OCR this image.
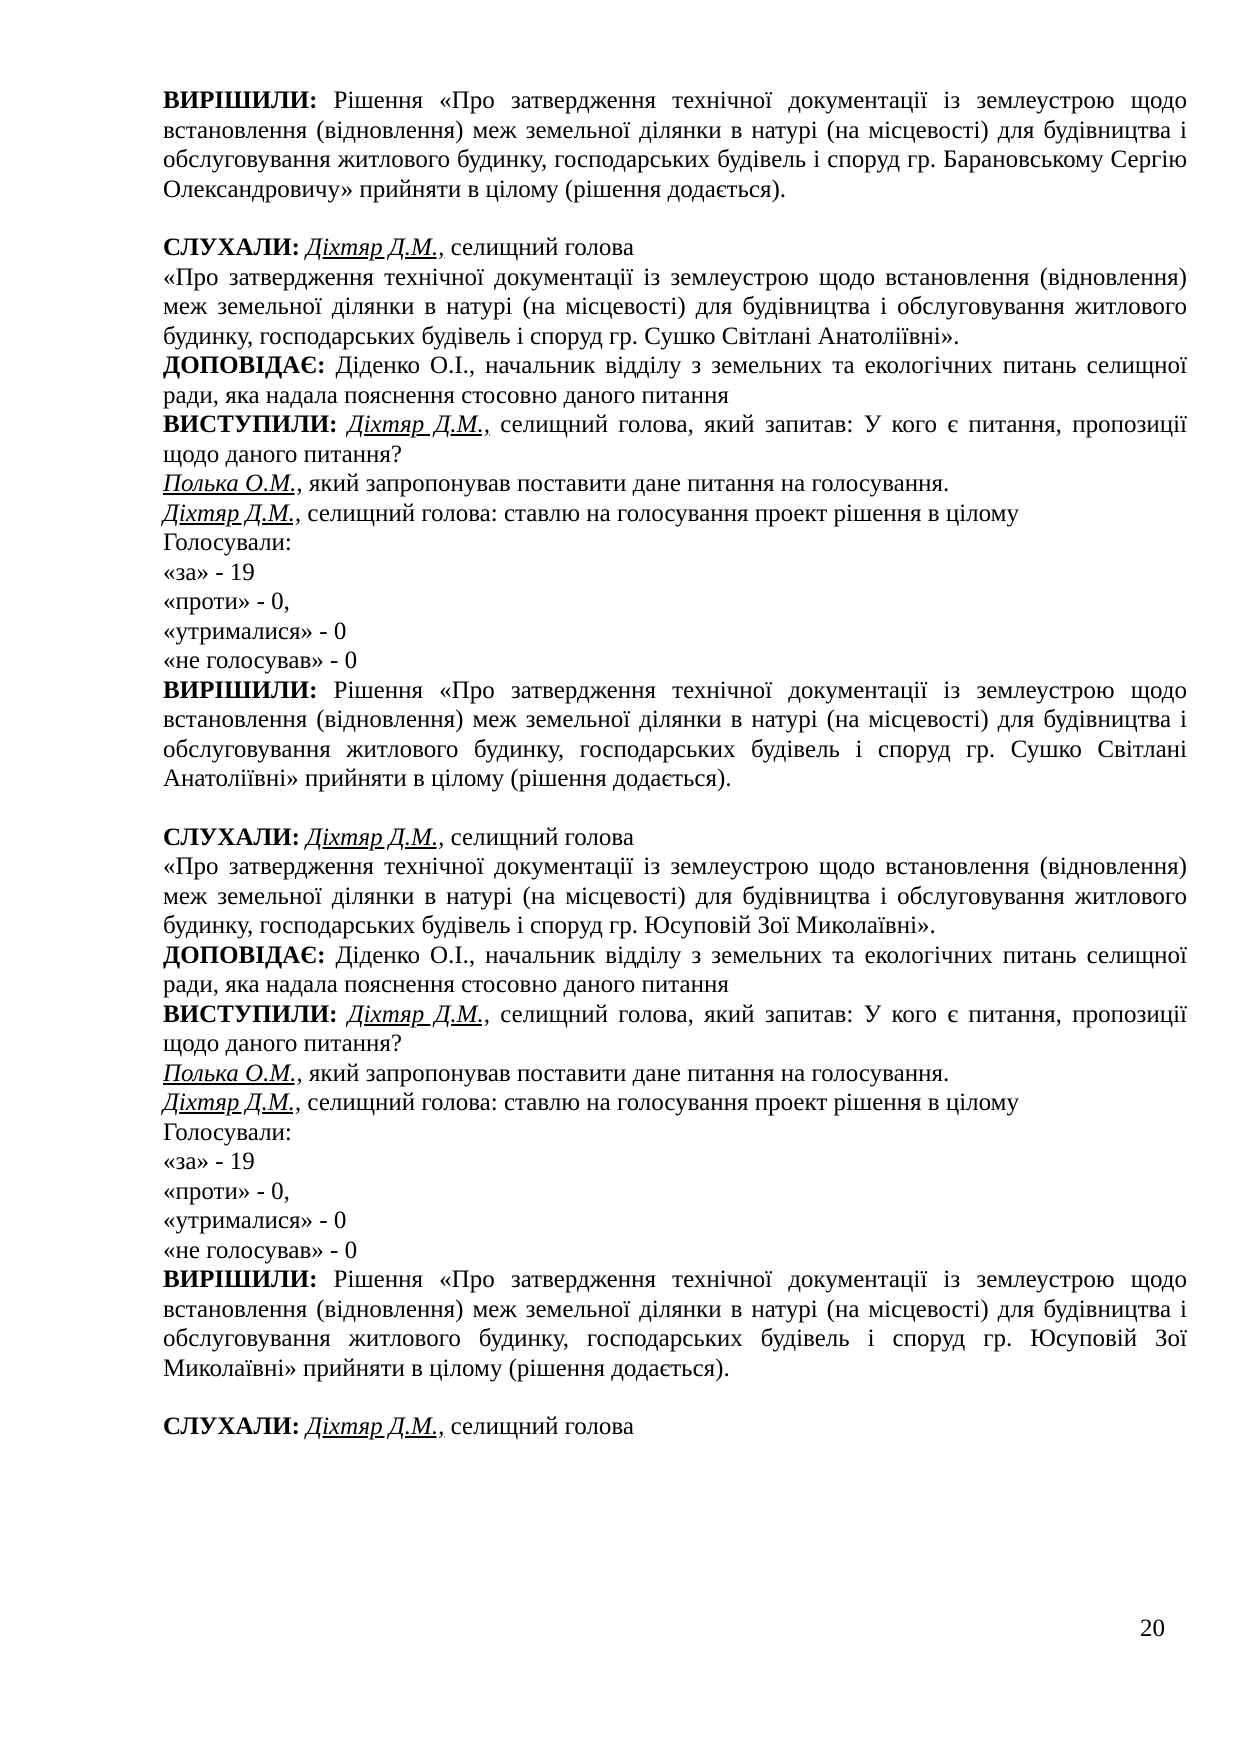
ВИРІШИЛИ: Рішення «Про затвердження технічної документації із землеустрою щодо встановлення (відновлення) меж земельної ділянки в натурі (на місцевості) для будівництва і обслуговування житлового будинку, господарських будівель і споруд гр. Барановському Сергію Олександровичу» прийняти в цілому (рішення додається).

СЛУХАЛИ: Діхтяр Д.М., селищний голова

«Про затвердження технічної документації із землеустрою щодо встановлення (відновлення) меж земельної ділянки в натурі (на місцевості) для будівництва і обслуговування житлового будинку, господарських будівель і споруд гр. Сушко Світлані Анатоліївні».

ДОПОВІДАЄ: Діденко О.І., начальник відділу з земельних та екологічних питань селищної ради, яка надала пояснення стосовно даного питання

ВИСТУПИЛИ: Діхтяр Д.М., селищний голова, який запитав: У кого є питання, пропозиції щодо даного питання?

Полька О.М., який запропонував поставити дане питання на голосування.

Діхтяр Д.М., селищний голова: ставлю на голосування проект рішення в цілому

Голосували:

«за» - 19

«проти» - 0,

«утрималися» - 0

«не голосував» - 0

ВИРІШИЛИ: Рішення «Про затвердження технічної документації із землеустрою щодо встановлення (відновлення) меж земельної ділянки в натурі (на місцевості) для будівництва і обслуговування житлового будинку, господарських будівель і споруд гр. Сушко Світлані Анатоліївні» прийняти в цілому (рішення додається).

СЛУХАЛИ: Діхтяр Д.М., селищний голова

«Про затвердження технічної документації із землеустрою щодо встановлення (відновлення) меж земельної ділянки в натурі (на місцевості) для будівництва і обслуговування житлового будинку, господарських будівель і споруд гр. Юсуповій Зої Миколаївні».

ДОПОВІДАЄ: Діденко О.І., начальник відділу з земельних та екологічних питань селищної ради, яка надала пояснення стосовно даного питання

ВИСТУПИЛИ: Діхтяр Д.М., селищний голова, який запитав: У кого є питання, пропозиції щодо даного питання?

Полька О.М., який запропонував поставити дане питання на голосування.

Діхтяр Д.М., селищний голова: ставлю на голосування проект рішення в цілому

Голосували:

«за» - 19

«проти» - 0,

«утрималися» - 0

«не голосував» - 0

ВИРІШИЛИ: Рішення «Про затвердження технічної документації із землеустрою щодо встановлення (відновлення) меж земельної ділянки в натурі (на місцевості) для будівництва і обслуговування житлового будинку, господарських будівель і споруд гр. Юсуповій Зої Миколаївні» прийняти в цілому (рішення додається).

СЛУХАЛИ: Діхтяр Д.М., селищний голова

20
